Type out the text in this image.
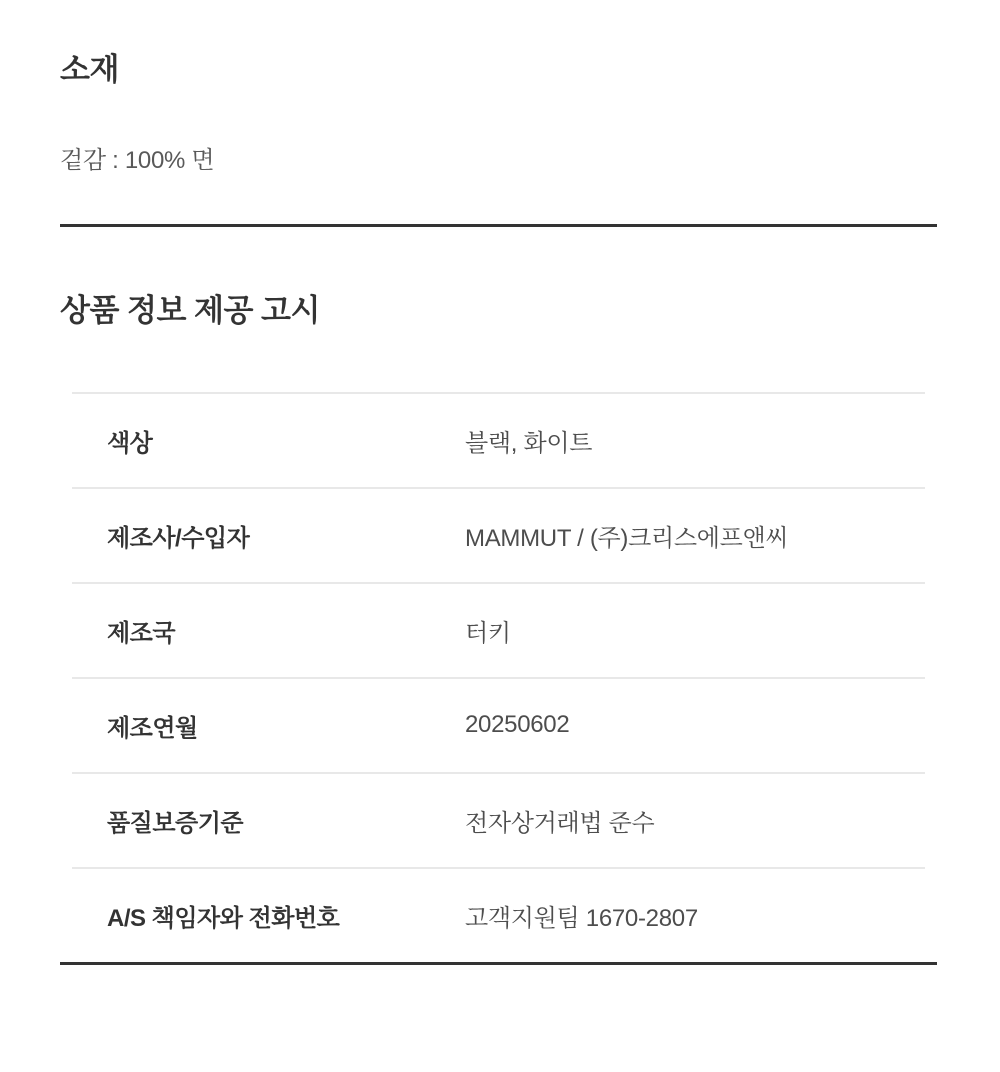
소재

겉감 : 100% 면

상품 정보 제공 고시
색상	블랙, 화이트
제조사/수입자	MAMMUT / (주)크리스에프앤씨
제조국	터키
제조연월	20250602
품질보증기준	전자상거래법 준수
A/S 책임자와 전화번호	고객지원팀 1670-2807
